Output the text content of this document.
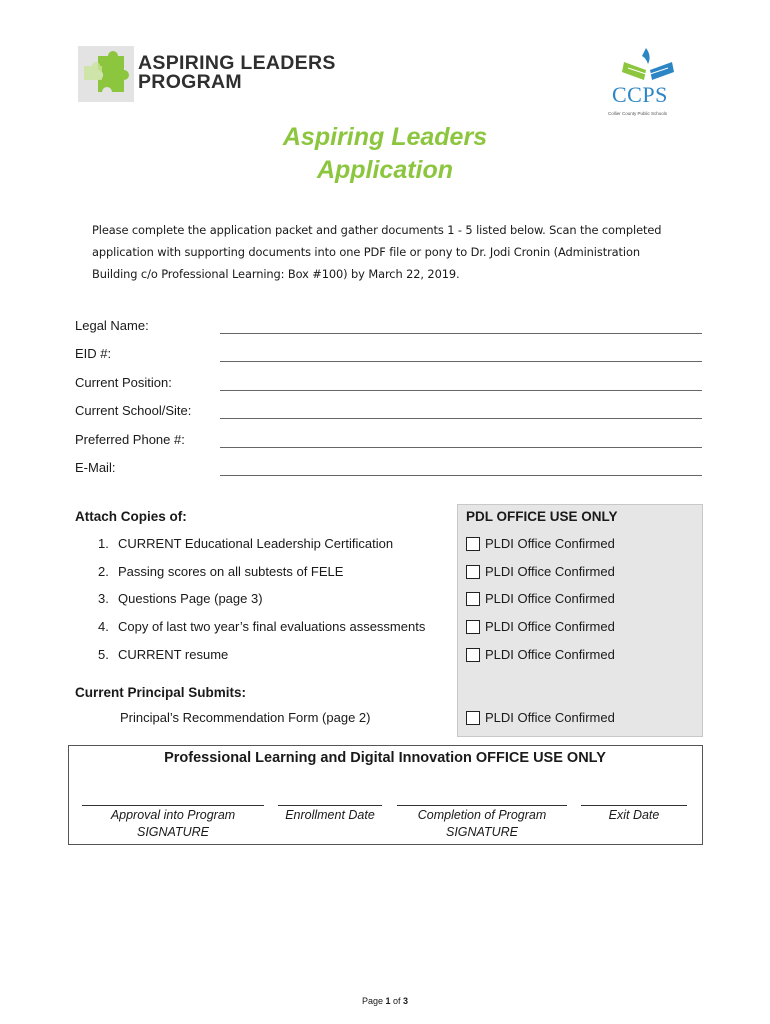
ASPIRING LEADERS
PROGRAM	CCPS
Collier County Public Schools
Aspiring Leaders
Application
Please complete the application packet and gather documents 1 - 5 listed below. Scan the completed
application with supporting documents into one PDF file or pony to Dr. Jodi Cronin (Administration
Building c/o Professional Learning: Box #100) by March 22, 2019.
Legal Name:
EID #:
Current Position:
Current School/Site:
Preferred Phone #:
E-Mail:
Attach Copies of:
1. CURRENT Educational Leadership Certification
2. Passing scores on all subtests of FELE
3. Questions Page (page 3)
4. Copy of last two year’s final evaluations assessments
5. CURRENT resume
PDL OFFICE USE ONLY
PLDI Office Confirmed
PLDI Office Confirmed
PLDI Office Confirmed
PLDI Office Confirmed
PLDI Office Confirmed
PLDI Office Confirmed
Current Principal Submits:
Principal’s Recommendation Form (page 2)
Professional Learning and Digital Innovation OFFICE USE ONLY
Approval into Program
SIGNATURE
Enrollment Date	Completion of Program
SIGNATURE
Exit Date
Page 1 of 3
